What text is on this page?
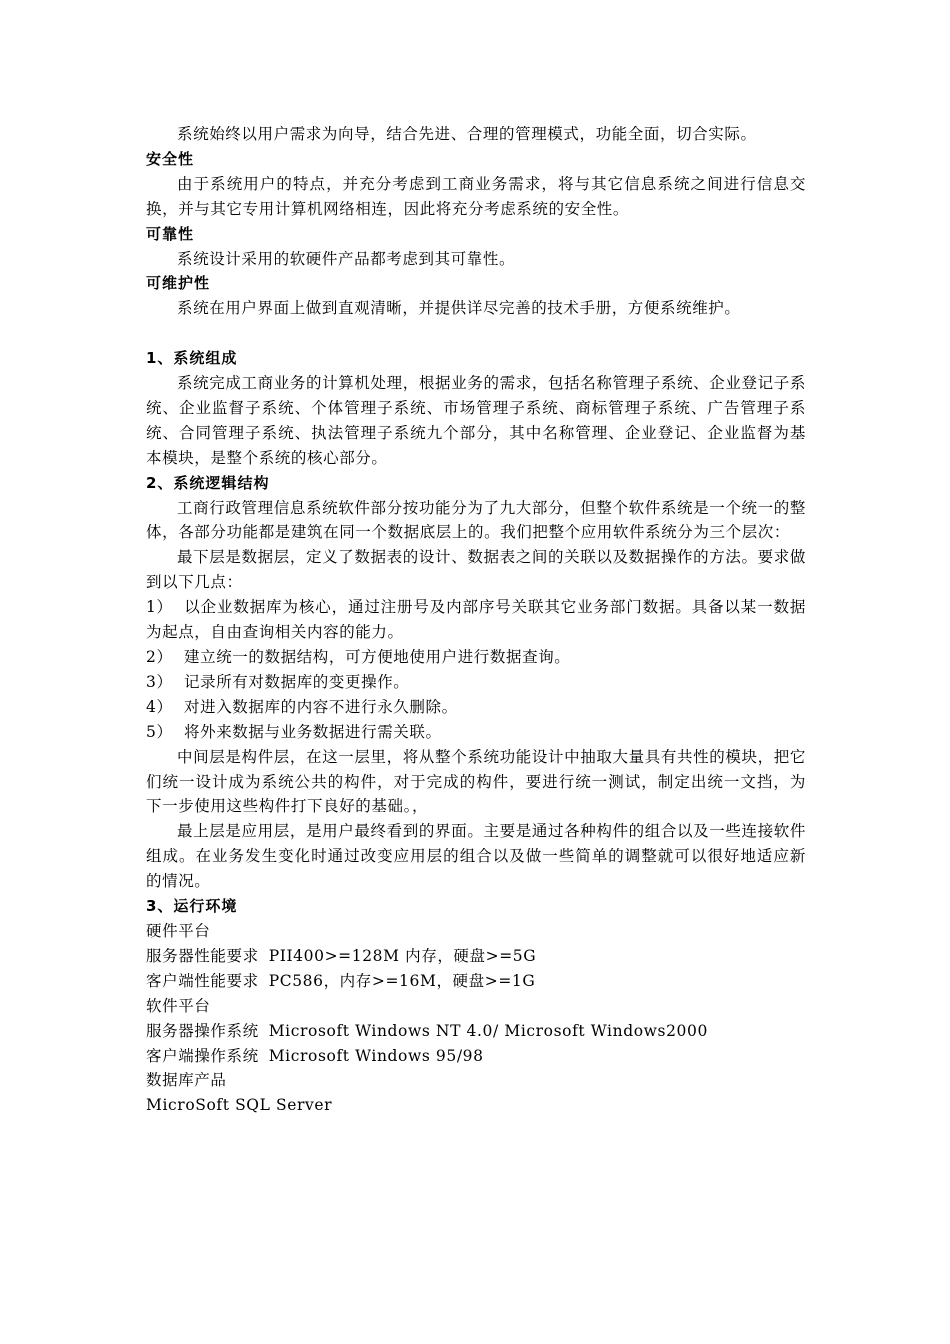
系统始终以用户需求为向导，结合先进、合理的管理模式，功能全面，切合实际。

安全性

由于系统用户的特点，并充分考虑到工商业务需求，将与其它信息系统之间进行信息交换，并与其它专用计算机网络相连，因此将充分考虑系统的安全性。

可靠性

系统设计采用的软硬件产品都考虑到其可靠性。

可维护性

系统在用户界面上做到直观清晰，并提供详尽完善的技术手册，方便系统维护。

1、系统组成

系统完成工商业务的计算机处理，根据业务的需求，包括名称管理子系统、企业登记子系统、企业监督子系统、个体管理子系统、市场管理子系统、商标管理子系统、广告管理子系统、合同管理子系统、执法管理子系统九个部分，其中名称管理、企业登记、企业监督为基本模块，是整个系统的核心部分。

2、系统逻辑结构

工商行政管理信息系统软件部分按功能分为了九大部分，但整个软件系统是一个统一的整体，各部分功能都是建筑在同一个数据底层上的。我们把整个应用软件系统分为三个层次：

最下层是数据层，定义了数据表的设计、数据表之间的关联以及数据操作的方法。要求做到以下几点：

1） 以企业数据库为核心，通过注册号及内部序号关联其它业务部门数据。具备以某一数据为起点，自由查询相关内容的能力。

2） 建立统一的数据结构，可方便地使用户进行数据查询。

3） 记录所有对数据库的变更操作。

4） 对进入数据库的内容不进行永久删除。

5） 将外来数据与业务数据进行需关联。

中间层是构件层，在这一层里，将从整个系统功能设计中抽取大量具有共性的模块，把它们统一设计成为系统公共的构件，对于完成的构件，要进行统一测试，制定出统一文挡，为下一步使用这些构件打下良好的基础。，

最上层是应用层，是用户最终看到的界面。主要是通过各种构件的组合以及一些连接软件组成。在业务发生变化时通过改变应用层的组合以及做一些简单的调整就可以很好地适应新的情况。

3、运行环境

硬件平台

服务器性能要求 PII400>=128M 内存，硬盘>=5G

客户端性能要求 PC586，内存>=16M，硬盘>=1G

软件平台

服务器操作系统 Microsoft Windows NT 4.0/ Microsoft Windows2000

客户端操作系统 Microsoft Windows 95/98

数据库产品

MicroSoft SQL Server
